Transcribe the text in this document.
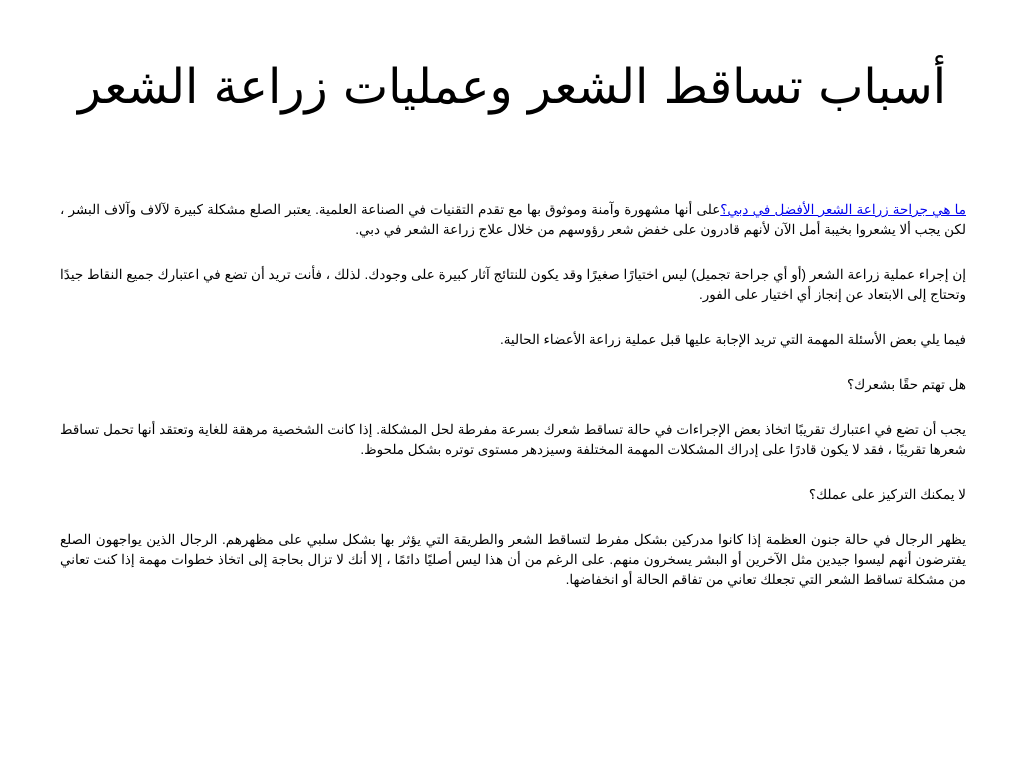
أسباب تساقط الشعر وعمليات زراعة الشعر

ما هي جراحة زراعة الشعر الأفضل في دبي؟على أنها مشهورة وآمنة وموثوق بها مع تقدم التقنيات في الصناعة العلمية. يعتبر الصلع مشكلة كبيرة لآلاف وآلاف البشر ، لكن يجب ألا يشعروا بخيبة أمل الآن لأنهم قادرون على خفض شعر رؤوسهم من خلال علاج زراعة الشعر في دبي.

إن إجراء عملية زراعة الشعر (أو أي جراحة تجميل) ليس اختيارًا صغيرًا وقد يكون للنتائج آثار كبيرة على وجودك. لذلك ، فأنت تريد أن تضع في اعتبارك جميع النقاط جيدًا وتحتاج إلى الابتعاد عن إنجاز أي اختيار على الفور.

فيما يلي بعض الأسئلة المهمة التي تريد الإجابة عليها قبل عملية زراعة الأعضاء الحالية.

هل تهتم حقًا بشعرك؟

يجب أن تضع في اعتبارك تقريبًا اتخاذ بعض الإجراءات في حالة تساقط شعرك بسرعة مفرطة لحل المشكلة. إذا كانت الشخصية مرهقة للغاية وتعتقد أنها تحمل تساقط شعرها تقريبًا ، فقد لا يكون قادرًا على إدراك المشكلات المهمة المختلفة وسيزدهر مستوى توتره بشكل ملحوظ.

لا يمكنك التركيز على عملك؟

يظهر الرجال في حالة جنون العظمة إذا كانوا مدركين بشكل مفرط لتساقط الشعر والطريقة التي يؤثر بها بشكل سلبي على مظهرهم. الرجال الذين يواجهون الصلع يفترضون أنهم ليسوا جيدين مثل الآخرين أو البشر يسخرون منهم. على الرغم من أن هذا ليس أصليًا دائمًا ، إلا أنك لا تزال بحاجة إلى اتخاذ خطوات مهمة إذا كنت تعاني من مشكلة تساقط الشعر التي تجعلك تعاني من تفاقم الحالة أو انخفاضها.
